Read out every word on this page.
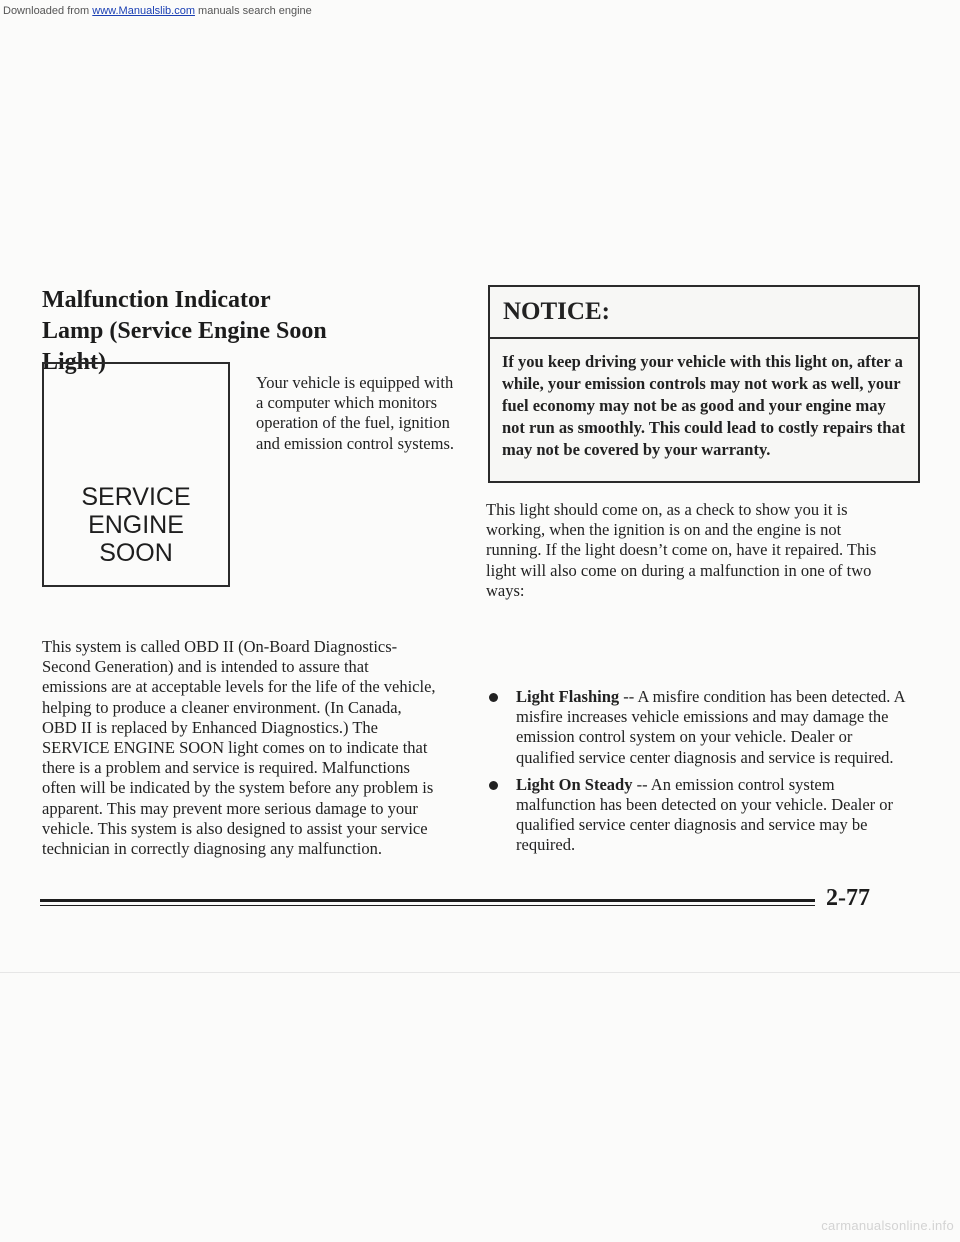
Downloaded from www.Manualslib.com manuals search engine
Malfunction Indicator Lamp (Service Engine Soon Light)
SERVICE
ENGINE
SOON
Your vehicle is equipped with a computer which monitors operation of the fuel, ignition and emission control systems.
This system is called OBD II (On-Board Diagnostics-Second Generation) and is intended to assure that emissions are at acceptable levels for the life of the vehicle, helping to produce a cleaner environment. (In Canada, OBD II is replaced by Enhanced Diagnostics.) The SERVICE ENGINE SOON light comes on to indicate that there is a problem and service is required. Malfunctions often will be indicated by the system before any problem is apparent. This may prevent more serious damage to your vehicle. This system is also designed to assist your service technician in correctly diagnosing any malfunction.
NOTICE:
If you keep driving your vehicle with this light on, after a while, your emission controls may not work as well, your fuel economy may not be as good and your engine may not run as smoothly. This could lead to costly repairs that may not be covered by your warranty.
This light should come on, as a check to show you it is working, when the ignition is on and the engine is not running. If the light doesn’t come on, have it repaired. This light will also come on during a malfunction in one of two ways:
Light Flashing -- A misfire condition has been detected. A misfire increases vehicle emissions and may damage the emission control system on your vehicle. Dealer or qualified service center diagnosis and service is required.
Light On Steady -- An emission control system malfunction has been detected on your vehicle. Dealer or qualified service center diagnosis and service may be required.
2-77
carmanualsonline.info
